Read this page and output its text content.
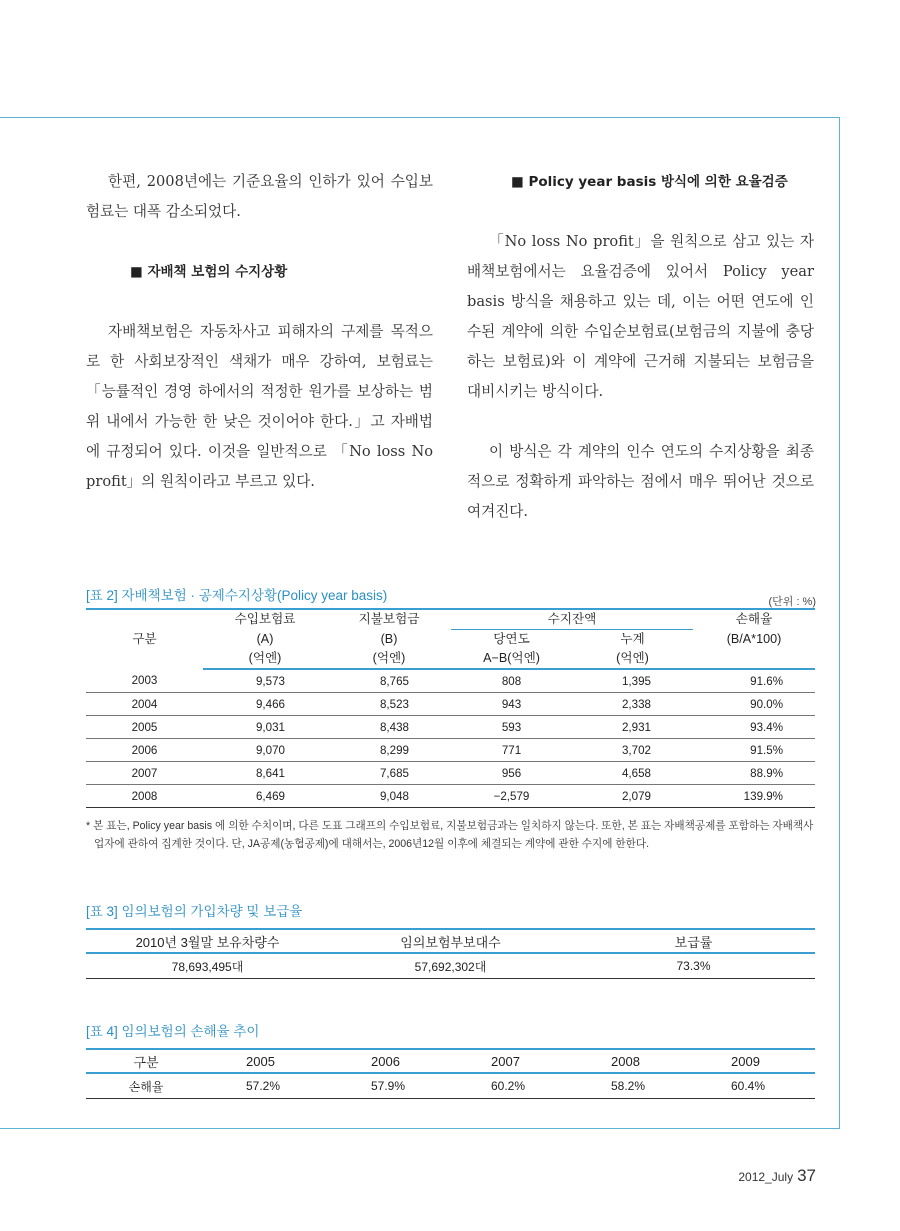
한편, 2008년에는 기준요율의 인하가 있어 수입보험료는 대폭 감소되었다.

■ 자배책 보험의 수지상황

자배책보험은 자동차사고 피해자의 구제를 목적으로 한 사회보장적인 색채가 매우 강하여, 보험료는 「능률적인 경영 하에서의 적정한 원가를 보상하는 범위 내에서 가능한 한 낮은 것이어야 한다.」고 자배법에 규정되어 있다. 이것을 일반적으로 「No loss No profit」의 원칙이라고 부르고 있다.

■ Policy year basis 방식에 의한 요율검증

「No loss No profit」을 원칙으로 삼고 있는 자배책보험에서는 요율검증에 있어서 Policy year basis 방식을 채용하고 있는 데, 이는 어떤 연도에 인수된 계약에 의한 수입순보험료(보험금의 지불에 충당하는 보험료)와 이 계약에 근거해 지불되는 보험금을 대비시키는 방식이다.

이 방식은 각 계약의 인수 연도의 수지상황을 최종적으로 정확하게 파악하는 점에서 매우 뛰어난 것으로 여겨진다.

[표 2] 자배책보험 · 공제수지상황(Policy year basis)	(단위 : %)
구분	수입보험료	지불보험금	수지잔액		손해율
	(A)	(B)	당연도	누계	(B/A*100)
	(억엔)	(억엔)	A−B(억엔)	(억엔)	
2003	9,573	8,765	808	1,395	91.6%
2004	9,466	8,523	943	2,338	90.0%
2005	9,031	8,438	593	2,931	93.4%
2006	9,070	8,299	771	3,702	91.5%
2007	8,641	7,685	956	4,658	88.9%
2008	6,469	9,048	−2,579	2,079	139.9%
* 본 표는, Policy year basis 에 의한 수치이며, 다른 도표 그래프의 수입보험료, 지불보험금과는 일치하지 않는다. 또한, 본 표는 자배책공제를 포함하는 자배책사업자에 관하여 집계한 것이다. 단, JA공제(농협공제)에 대해서는, 2006년12월 이후에 체결되는 계약에 관한 수지에 한한다.
[표 3] 임의보험의 가입차량 및 보급율
2010년 3월말 보유차량수	임의보험부보대수	보급률
78,693,495대	57,692,302대	73.3%
[표 4] 임의보험의 손해율 추이
구분	2005	2006	2007	2008	2009
손해율	57.2%	57.9%	60.2%	58.2%	60.4%
2012_July 37
